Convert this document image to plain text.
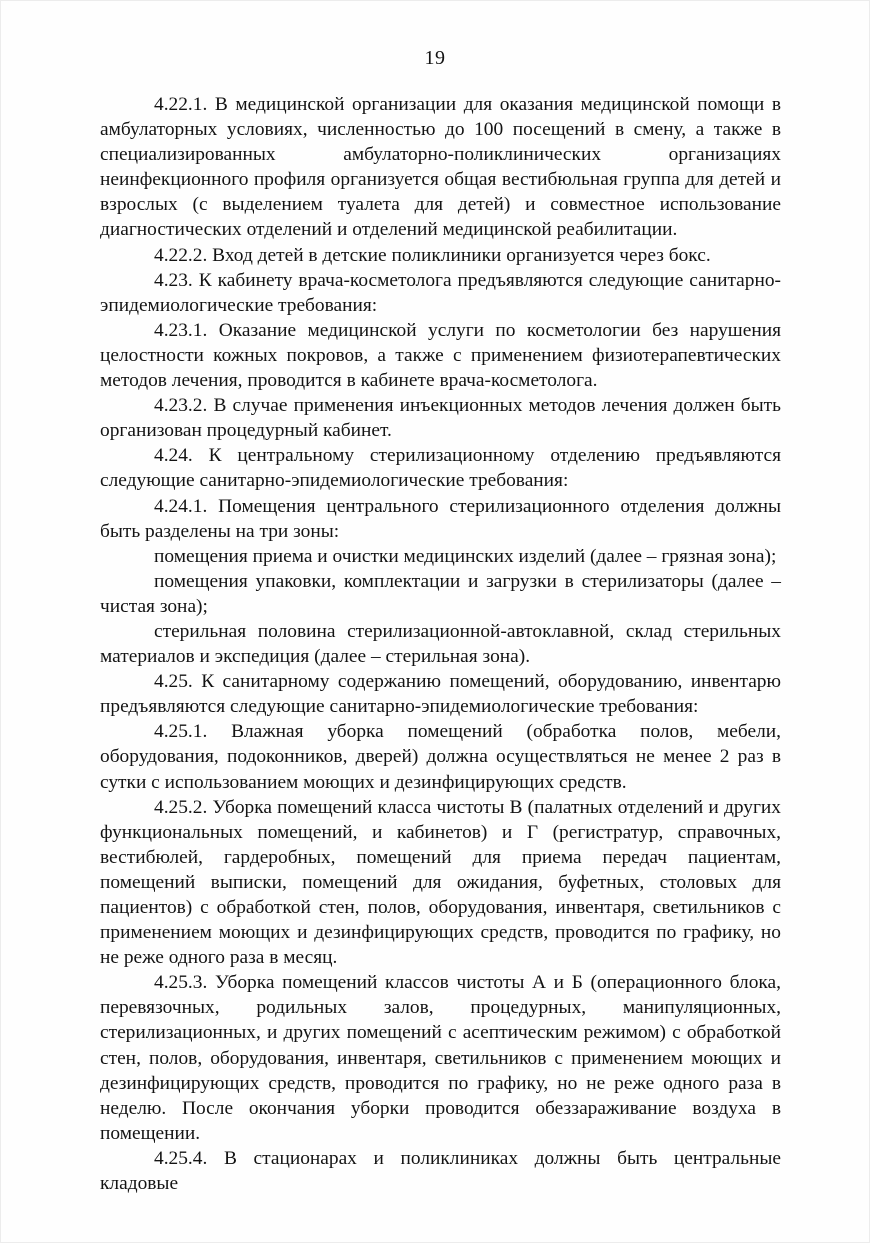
19

4.22.1. В медицинской организации для оказания медицинской помощи в амбулаторных условиях, численностью до 100 посещений в смену, а также в специализированных амбулаторно-поликлинических организациях неинфекционного профиля организуется общая вестибюльная группа для детей и взрослых (с выделением туалета для детей) и совместное использование диагностических отделений и отделений медицинской реабилитации.

4.22.2. Вход детей в детские поликлиники организуется через бокс.

4.23. К кабинету врача-косметолога предъявляются следующие санитарно-эпидемиологические требования:

4.23.1. Оказание медицинской услуги по косметологии без нарушения целостности кожных покровов, а также с применением физиотерапевтических методов лечения, проводится в кабинете врача-косметолога.

4.23.2. В случае применения инъекционных методов лечения должен быть организован процедурный кабинет.

4.24. К центральному стерилизационному отделению предъявляются следующие санитарно-эпидемиологические требования:

4.24.1. Помещения центрального стерилизационного отделения должны быть разделены на три зоны:

помещения приема и очистки медицинских изделий (далее – грязная зона);

помещения упаковки, комплектации и загрузки в стерилизаторы (далее – чистая зона);

стерильная половина стерилизационной-автоклавной, склад стерильных материалов и экспедиция (далее – стерильная зона).

4.25. К санитарному содержанию помещений, оборудованию, инвентарю предъявляются следующие санитарно-эпидемиологические требования:

4.25.1. Влажная уборка помещений (обработка полов, мебели, оборудования, подоконников, дверей) должна осуществляться не менее 2 раз в сутки с использованием моющих и дезинфицирующих средств.

4.25.2. Уборка помещений класса чистоты В (палатных отделений и других функциональных помещений, и кабинетов) и Г (регистратур, справочных, вестибюлей, гардеробных, помещений для приема передач пациентам, помещений выписки, помещений для ожидания, буфетных, столовых для пациентов) с обработкой стен, полов, оборудования, инвентаря, светильников с применением моющих и дезинфицирующих средств, проводится по графику, но не реже одного раза в месяц.

4.25.3. Уборка помещений классов чистоты А и Б (операционного блока, перевязочных, родильных залов, процедурных, манипуляционных, стерилизационных, и других помещений с асептическим режимом) с обработкой стен, полов, оборудования, инвентаря, светильников с применением моющих и дезинфицирующих средств, проводится по графику, но не реже одного раза в неделю. После окончания уборки проводится обеззараживание воздуха в помещении.

4.25.4. В стационарах и поликлиниках должны быть центральные кладовые
